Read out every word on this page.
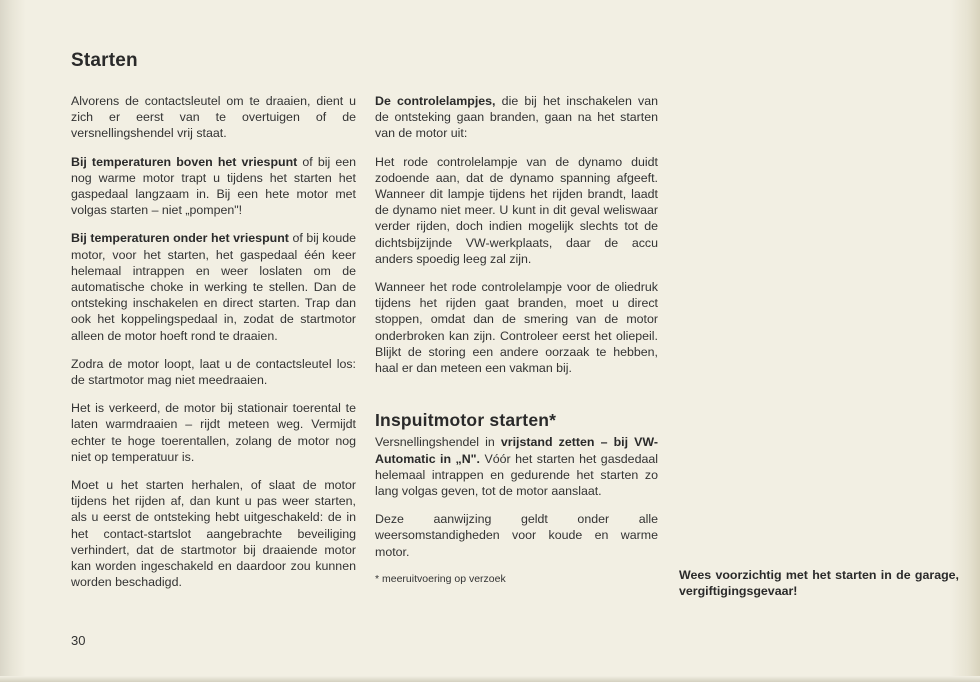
Starten

Alvorens de contactsleutel om te draaien, dient u zich er eerst van te overtuigen of de versnellingshendel vrij staat.

Bij temperaturen boven het vriespunt of bij een nog warme motor trapt u tijdens het starten het gaspedaal langzaam in. Bij een hete motor met volgas starten – niet „pompen"!

Bij temperaturen onder het vriespunt of bij koude motor, voor het starten, het gaspedaal één keer helemaal intrappen en weer loslaten om de automatische choke in werking te stellen. Dan de ontsteking inschakelen en direct starten. Trap dan ook het koppelingspedaal in, zodat de startmotor alleen de motor hoeft rond te draaien.

Zodra de motor loopt, laat u de contactsleutel los: de startmotor mag niet meedraaien.

Het is verkeerd, de motor bij stationair toerental te laten warmdraaien – rijdt meteen weg. Vermijdt echter te hoge toerentallen, zolang de motor nog niet op temperatuur is.

Moet u het starten herhalen, of slaat de motor tijdens het rijden af, dan kunt u pas weer starten, als u eerst de ontsteking hebt uitgeschakeld: de in het contact-startslot aangebrachte beveiliging verhindert, dat de startmotor bij draaiende motor kan worden ingeschakeld en daardoor zou kunnen worden beschadigd.

De controlelampjes, die bij het inschakelen van de ontsteking gaan branden, gaan na het starten van de motor uit:

Het rode controlelampje van de dynamo duidt zodoende aan, dat de dynamo spanning afgeeft. Wanneer dit lampje tijdens het rijden brandt, laadt de dynamo niet meer. U kunt in dit geval weliswaar verder rijden, doch indien mogelijk slechts tot de dichtsbijzijnde VW-werkplaats, daar de accu anders spoedig leeg zal zijn.

Wanneer het rode controlelampje voor de oliedruk tijdens het rijden gaat branden, moet u direct stoppen, omdat dan de smering van de motor onderbroken kan zijn. Controleer eerst het oliepeil. Blijkt de storing een andere oorzaak te hebben, haal er dan meteen een vakman bij.

Inspuitmotor starten*

Versnellingshendel in vrijstand zetten – bij VW-Automatic in „N". Vóór het starten het gasdedaal helemaal intrappen en gedurende het starten zo lang volgas geven, tot de motor aanslaat.

Deze aanwijzing geldt onder alle weersomstandigheden voor koude en warme motor.

* meeruitvoering op verzoek	Wees voorzichtig met het starten in de garage, vergiftigingsgevaar!
30
